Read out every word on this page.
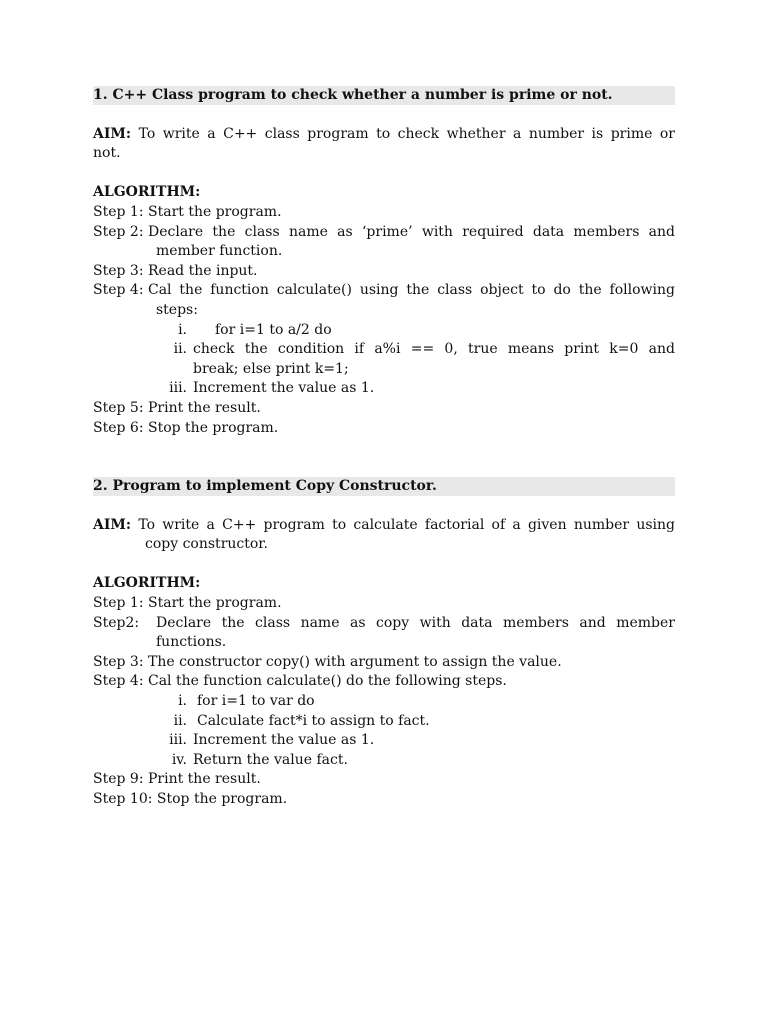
1. C++ Class program to check whether a number is prime or not.
AIM: To write a C++ class program to check whether a number is prime or
not.
ALGORITHM:
Step 1:
Start the program.
Step 2:
Declare the class name as ‘prime’ with required data members and
member function.
Step 3:
Read the input.
Step 4:
Cal the function calculate() using the class object to do the following
steps:
i.	for i=1 to a/2 do
ii. check the condition if a%i == 0, true means print k=0 and
break; else print k=1;
iii. Increment the value as 1.
Step 5:
Print the result.
Step 6:
Stop the program.
2. Program to implement Copy Constructor.
AIM: To write a C++ program to calculate factorial of a given number using
copy constructor.
ALGORITHM:
Step 1:
Start the program.
Step2:	Declare the class name as copy with data members and member
functions.
Step 3:
The constructor copy() with argument to assign the value.
Step 4:
Cal the function calculate() do the following steps.
i. for i=1 to var do
ii. Calculate fact*i to assign to fact.
iii. Increment the value as 1.
iv. Return the value fact.
Step 9:
Print the result.
Step 10:
Stop the program.
